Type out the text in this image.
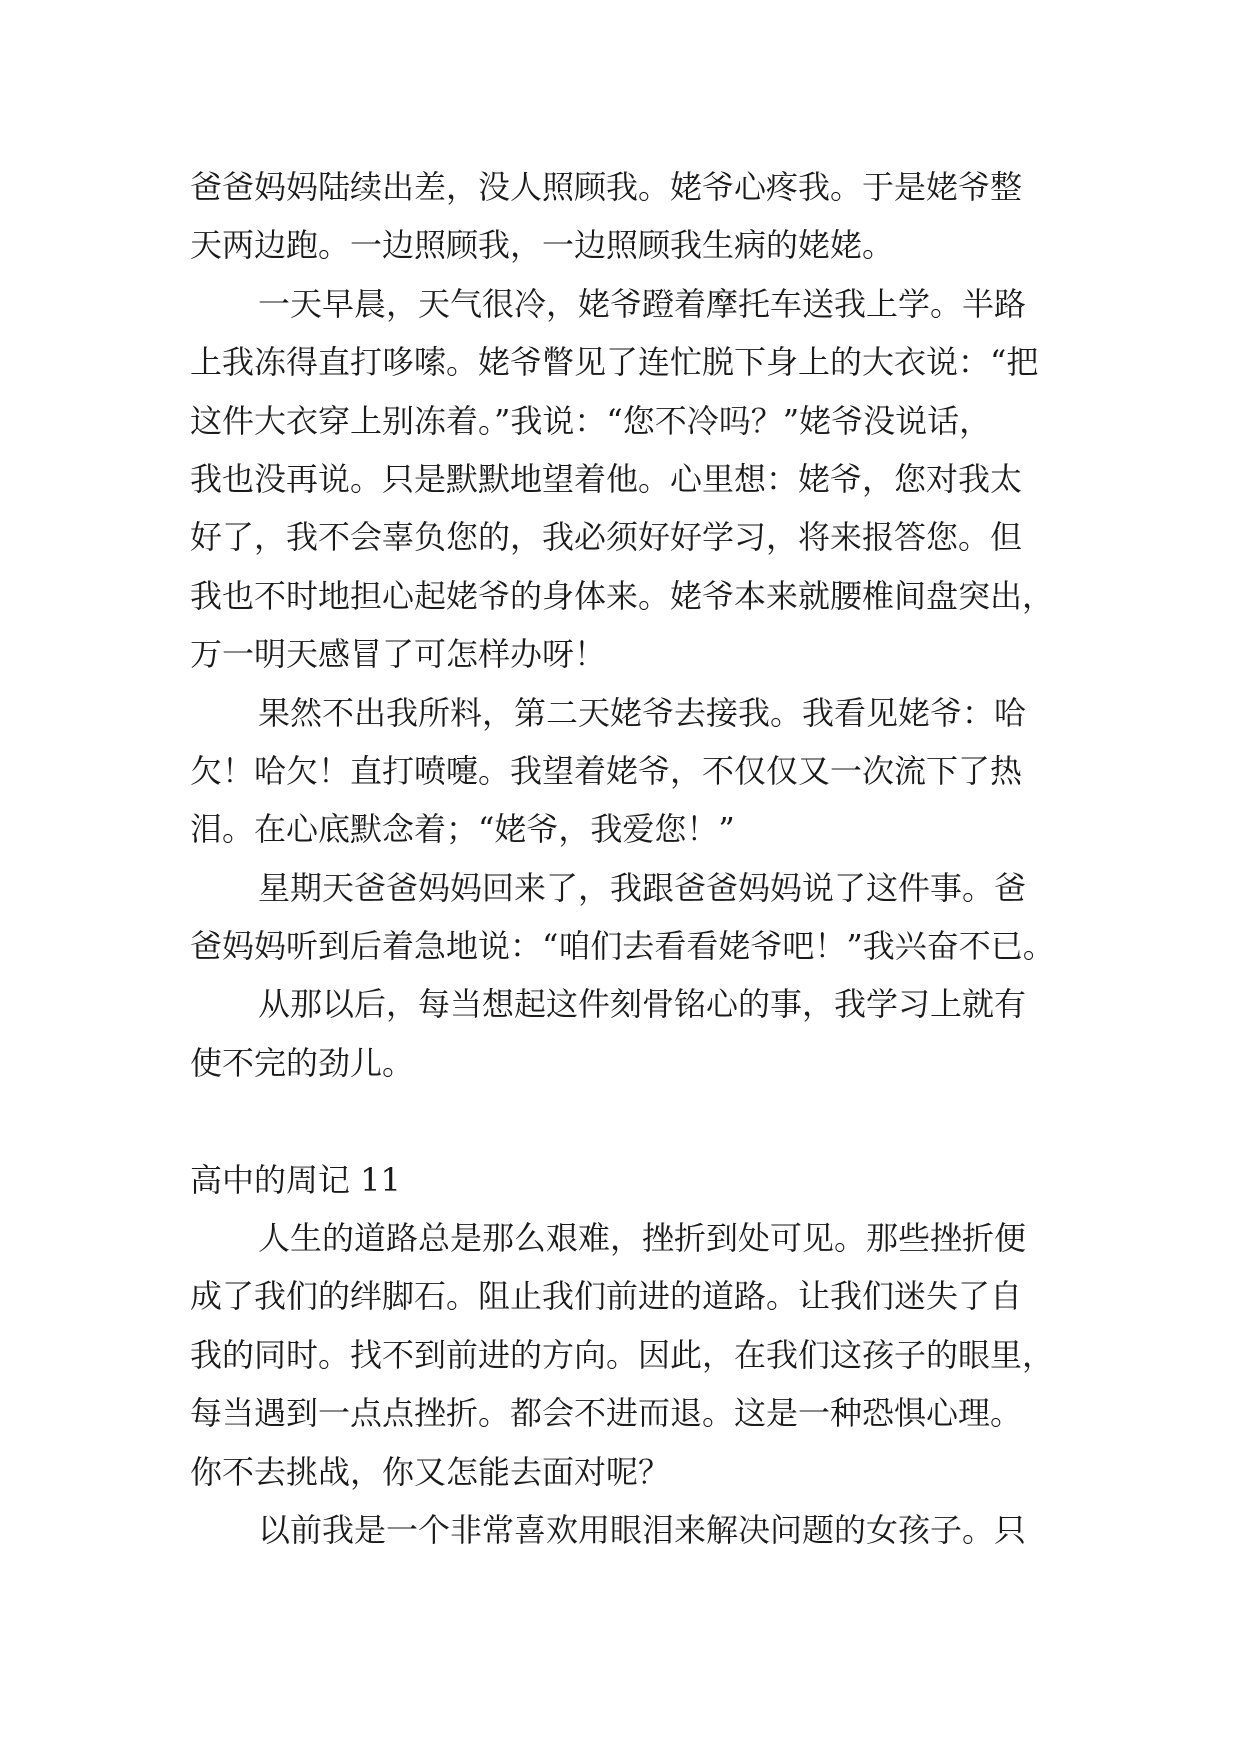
爸爸妈妈陆续出差，没人照顾我。姥爷心疼我。于是姥爷整
天两边跑。一边照顾我，一边照顾我生病的姥姥。
一天早晨，天气很冷，姥爷蹬着摩托车送我上学。半路
上我冻得直打哆嗦。姥爷瞥见了连忙脱下身上的大衣说：“把
这件大衣穿上别冻着。”我说：“您不冷吗？”姥爷没说话，
我也没再说。只是默默地望着他。心里想：姥爷，您对我太
好了，我不会辜负您的，我必须好好学习，将来报答您。但
我也不时地担心起姥爷的身体来。姥爷本来就腰椎间盘突出，
万一明天感冒了可怎样办呀！
果然不出我所料，第二天姥爷去接我。我看见姥爷：哈
欠！哈欠！直打喷嚏。我望着姥爷，不仅仅又一次流下了热
泪。在心底默念着；“姥爷，我爱您！”
星期天爸爸妈妈回来了，我跟爸爸妈妈说了这件事。爸
爸妈妈听到后着急地说：“咱们去看看姥爷吧！”我兴奋不已。
从那以后，每当想起这件刻骨铭心的事，我学习上就有
使不完的劲儿。
高中的周记 11
人生的道路总是那么艰难，挫折到处可见。那些挫折便
成了我们的绊脚石。阻止我们前进的道路。让我们迷失了自
我的同时。找不到前进的方向。因此，在我们这孩子的眼里，
每当遇到一点点挫折。都会不进而退。这是一种恐惧心理。
你不去挑战，你又怎能去面对呢？
以前我是一个非常喜欢用眼泪来解决问题的女孩子。只
